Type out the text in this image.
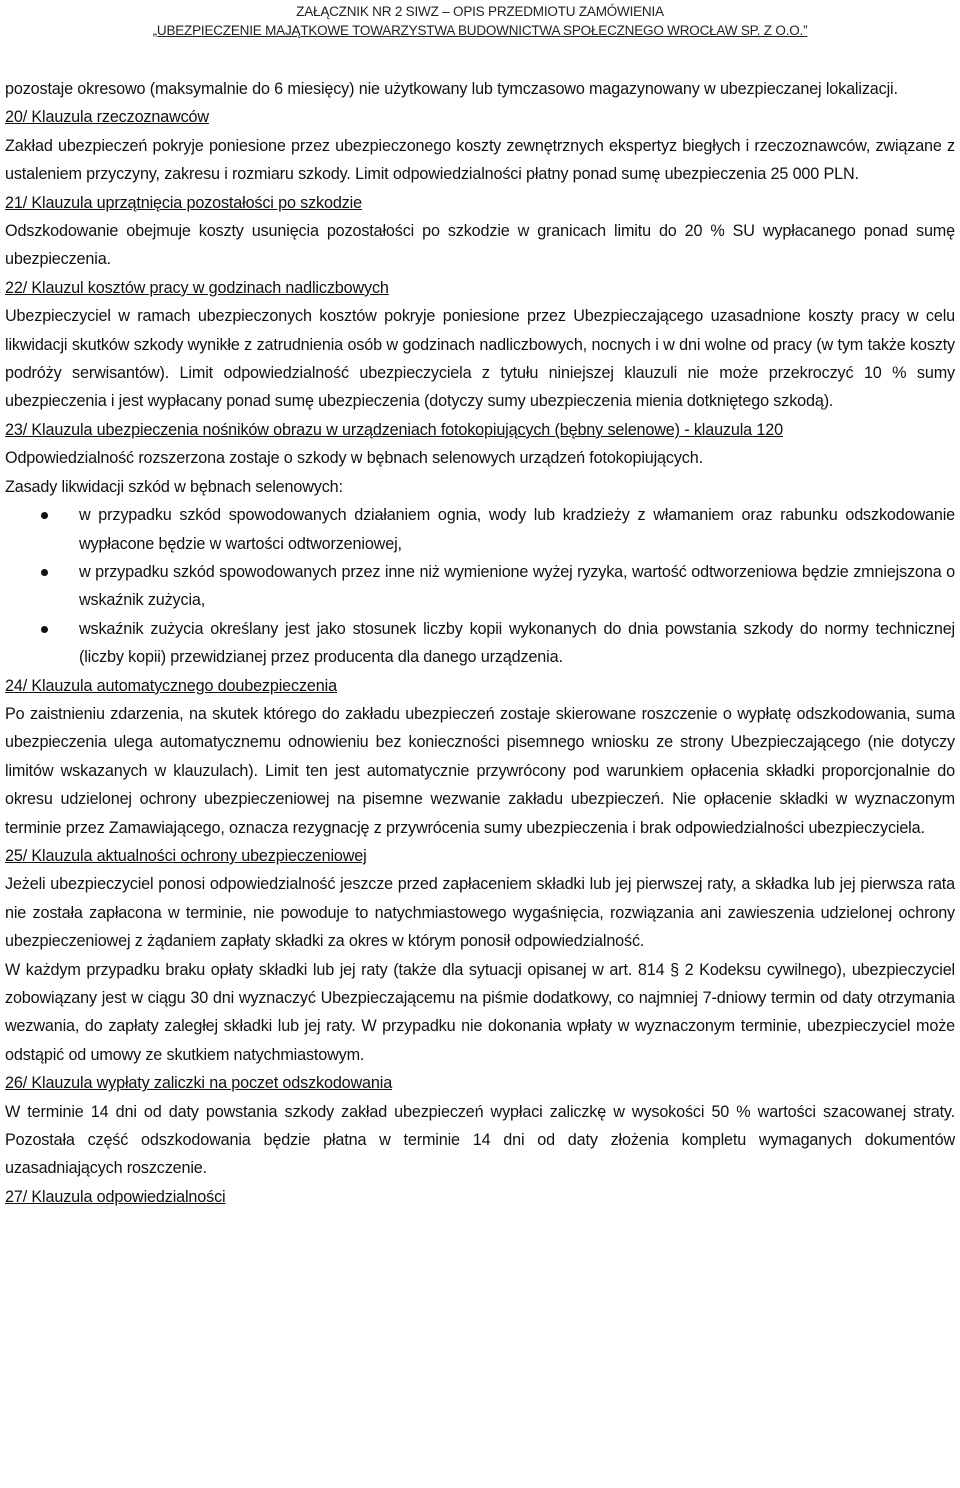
ZAŁĄCZNIK NR 2 SIWZ – OPIS PRZEDMIOTU ZAMÓWIENIA
„UBEZPIECZENIE MAJĄTKOWE TOWARZYSTWA BUDOWNICTWA SPOŁECZNEGO WROCŁAW SP. Z O.O.”

pozostaje okresowo (maksymalnie do 6 miesięcy) nie użytkowany lub tymczasowo magazynowany w ubezpieczanej lokalizacji.

20/ Klauzula rzeczoznawców

Zakład ubezpieczeń pokryje poniesione przez ubezpieczonego koszty zewnętrznych ekspertyz biegłych i rzeczoznawców, związane z ustaleniem przyczyny, zakresu i rozmiaru szkody. Limit odpowiedzialności płatny ponad sumę ubezpieczenia 25 000 PLN.

21/ Klauzula uprzątnięcia pozostałości po szkodzie

Odszkodowanie obejmuje koszty usunięcia pozostałości po szkodzie w granicach limitu do 20 % SU wypłacanego ponad sumę ubezpieczenia.

22/ Klauzul kosztów pracy w godzinach nadliczbowych

Ubezpieczyciel w ramach ubezpieczonych kosztów pokryje poniesione przez Ubezpieczającego uzasadnione koszty pracy w celu likwidacji skutków szkody wynikłe z zatrudnienia osób w godzinach nadliczbowych, nocnych i w dni wolne od pracy (w tym także koszty podróży serwisantów). Limit odpowiedzialność ubezpieczyciela z tytułu niniejszej klauzuli nie może przekroczyć 10 % sumy ubezpieczenia i jest wypłacany ponad sumę ubezpieczenia (dotyczy sumy ubezpieczenia mienia dotkniętego szkodą).

23/ Klauzula ubezpieczenia nośników obrazu w urządzeniach fotokopiujących (bębny selenowe) - klauzula 120

Odpowiedzialność rozszerzona zostaje o szkody w bębnach selenowych urządzeń fotokopiujących.

Zasady likwidacji szkód w bębnach selenowych:

w przypadku szkód spowodowanych działaniem ognia, wody lub kradzieży z włamaniem oraz rabunku odszkodowanie wypłacone będzie w wartości odtworzeniowej,
w przypadku szkód spowodowanych przez inne niż wymienione wyżej ryzyka, wartość odtworzeniowa będzie zmniejszona o wskaźnik zużycia,
wskaźnik zużycia określany jest jako stosunek liczby kopii wykonanych do dnia powstania szkody do normy technicznej (liczby kopii) przewidzianej przez producenta dla danego urządzenia.

24/ Klauzula automatycznego doubezpieczenia

Po zaistnieniu zdarzenia, na skutek którego do zakładu ubezpieczeń zostaje skierowane roszczenie o wypłatę odszkodowania, suma ubezpieczenia ulega automatycznemu odnowieniu bez konieczności pisemnego wniosku ze strony Ubezpieczającego (nie dotyczy limitów wskazanych w klauzulach). Limit ten jest automatycznie przywrócony pod warunkiem opłacenia składki proporcjonalnie do okresu udzielonej ochrony ubezpieczeniowej na pisemne wezwanie zakładu ubezpieczeń. Nie opłacenie składki w wyznaczonym terminie przez Zamawiającego, oznacza rezygnację z przywrócenia sumy ubezpieczenia i brak odpowiedzialności ubezpieczyciela.

25/ Klauzula aktualności ochrony ubezpieczeniowej

Jeżeli ubezpieczyciel ponosi odpowiedzialność jeszcze przed zapłaceniem składki lub jej pierwszej raty, a składka lub jej pierwsza rata nie została zapłacona w terminie, nie powoduje to natychmiastowego wygaśnięcia, rozwiązania ani zawieszenia udzielonej ochrony ubezpieczeniowej z żądaniem zapłaty składki za okres w którym ponosił odpowiedzialność.

W każdym przypadku braku opłaty składki lub jej raty (także dla sytuacji opisanej w art. 814 § 2 Kodeksu cywilnego), ubezpieczyciel zobowiązany jest w ciągu 30 dni wyznaczyć Ubezpieczającemu na piśmie dodatkowy, co najmniej 7-dniowy termin od daty otrzymania wezwania, do zapłaty zaległej składki lub jej raty. W przypadku nie dokonania wpłaty w wyznaczonym terminie, ubezpieczyciel może odstąpić od umowy ze skutkiem natychmiastowym.

26/ Klauzula wypłaty zaliczki na poczet odszkodowania

W terminie 14 dni od daty powstania szkody zakład ubezpieczeń wypłaci zaliczkę w wysokości 50 % wartości szacowanej straty. Pozostała część odszkodowania będzie płatna w terminie 14 dni od daty złożenia kompletu wymaganych dokumentów uzasadniających roszczenie.

27/ Klauzula odpowiedzialności
